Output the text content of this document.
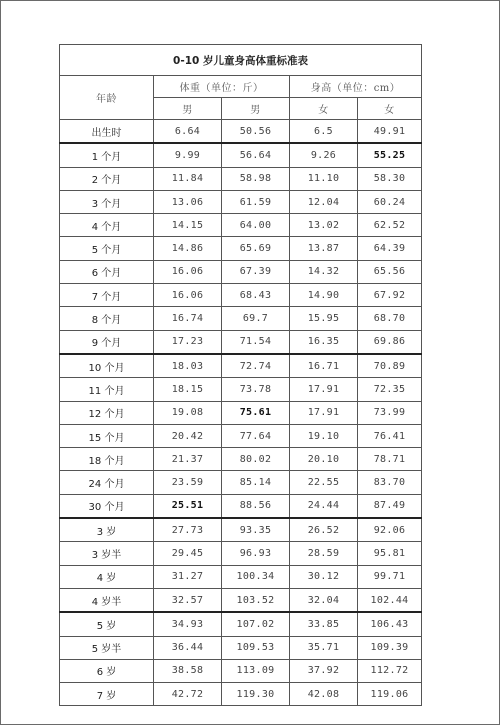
0-10 岁儿童身高体重标准表				
年龄	体重（单位：斤）		身高（单位：cm）	
	男	男	女	女
出生时	6.64	50.56	6.5	49.91
1 个月	9.99	56.64	9.26	55.25
2 个月	11.84	58.98	11.10	58.30
3 个月	13.06	61.59	12.04	60.24
4 个月	14.15	64.00	13.02	62.52
5 个月	14.86	65.69	13.87	64.39
6 个月	16.06	67.39	14.32	65.56
7 个月	16.06	68.43	14.90	67.92
8 个月	16.74	69.7	15.95	68.70
9 个月	17.23	71.54	16.35	69.86
10 个月	18.03	72.74	16.71	70.89
11 个月	18.15	73.78	17.91	72.35
12 个月	19.08	75.61	17.91	73.99
15 个月	20.42	77.64	19.10	76.41
18 个月	21.37	80.02	20.10	78.71
24 个月	23.59	85.14	22.55	83.70
30 个月	25.51	88.56	24.44	87.49
3 岁	27.73	93.35	26.52	92.06
3 岁半	29.45	96.93	28.59	95.81
4 岁	31.27	100.34	30.12	99.71
4 岁半	32.57	103.52	32.04	102.44
5 岁	34.93	107.02	33.85	106.43
5 岁半	36.44	109.53	35.71	109.39
6 岁	38.58	113.09	37.92	112.72
7 岁	42.72	119.30	42.08	119.06
